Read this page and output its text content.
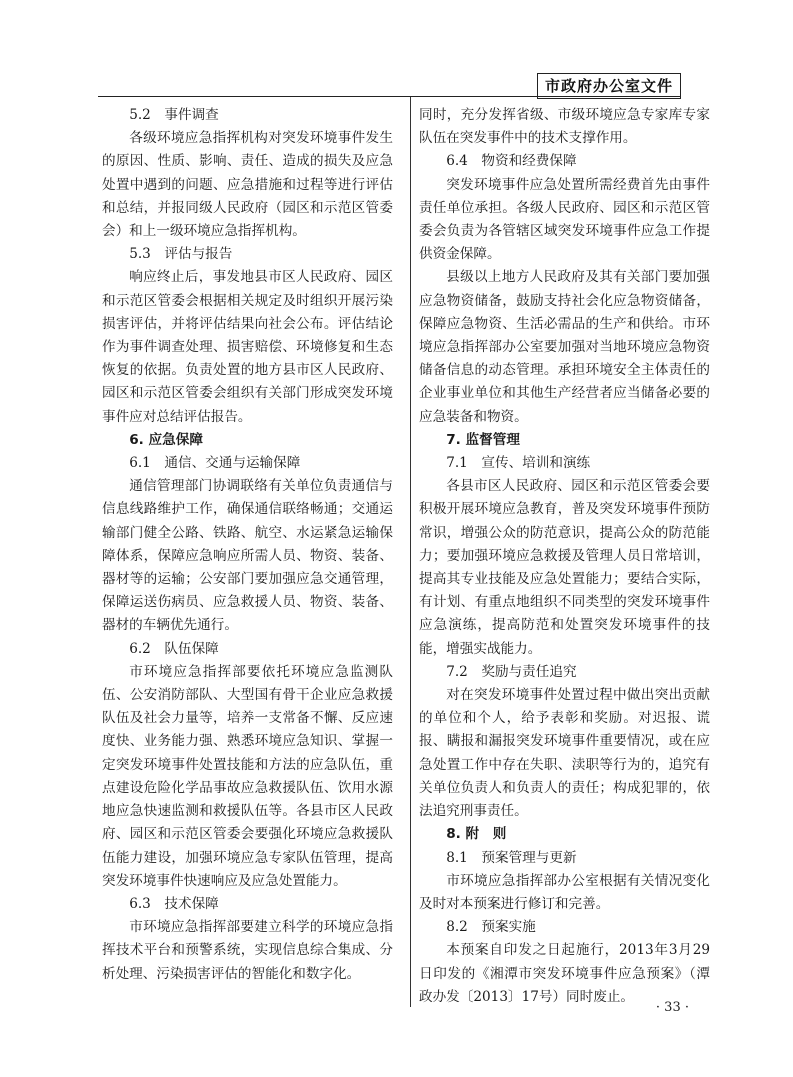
市政府办公室文件
5.2　事件调查

各级环境应急指挥机构对突发环境事件发生的原因、性质、影响、责任、造成的损失及应急处置中遇到的问题、应急措施和过程等进行评估和总结，并报同级人民政府（园区和示范区管委会）和上一级环境应急指挥机构。

5.3　评估与报告

响应终止后，事发地县市区人民政府、园区和示范区管委会根据相关规定及时组织开展污染损害评估，并将评估结果向社会公布。评估结论作为事件调查处理、损害赔偿、环境修复和生态恢复的依据。负责处置的地方县市区人民政府、园区和示范区管委会组织有关部门形成突发环境事件应对总结评估报告。

6. 应急保障
6.1　通信、交通与运输保障

通信管理部门协调联络有关单位负责通信与信息线路维护工作，确保通信联络畅通；交通运输部门健全公路、铁路、航空、水运紧急运输保障体系，保障应急响应所需人员、物资、装备、器材等的运输；公安部门要加强应急交通管理，保障运送伤病员、应急救援人员、物资、装备、器材的车辆优先通行。

6.2　队伍保障

市环境应急指挥部要依托环境应急监测队伍、公安消防部队、大型国有骨干企业应急救援队伍及社会力量等，培养一支常备不懈、反应速度快、业务能力强、熟悉环境应急知识、掌握一定突发环境事件处置技能和方法的应急队伍，重点建设危险化学品事故应急救援队伍、饮用水源地应急快速监测和救援队伍等。各县市区人民政府、园区和示范区管委会要强化环境应急救援队伍能力建设，加强环境应急专家队伍管理，提高突发环境事件快速响应及应急处置能力。

6.3　技术保障

市环境应急指挥部要建立科学的环境应急指挥技术平台和预警系统，实现信息综合集成、分析处理、污染损害评估的智能化和数字化。

同时，充分发挥省级、市级环境应急专家库专家队伍在突发事件中的技术支撑作用。

6.4　物资和经费保障

突发环境事件应急处置所需经费首先由事件责任单位承担。各级人民政府、园区和示范区管委会负责为各管辖区域突发环境事件应急工作提供资金保障。

县级以上地方人民政府及其有关部门要加强应急物资储备，鼓励支持社会化应急物资储备，保障应急物资、生活必需品的生产和供给。市环境应急指挥部办公室要加强对当地环境应急物资储备信息的动态管理。承担环境安全主体责任的企业事业单位和其他生产经营者应当储备必要的应急装备和物资。

7. 监督管理
7.1　宣传、培训和演练

各县市区人民政府、园区和示范区管委会要积极开展环境应急教育，普及突发环境事件预防常识，增强公众的防范意识，提高公众的防范能力；要加强环境应急救援及管理人员日常培训，提高其专业技能及应急处置能力；要结合实际，有计划、有重点地组织不同类型的突发环境事件应急演练，提高防范和处置突发环境事件的技能，增强实战能力。

7.2　奖励与责任追究

对在突发环境事件处置过程中做出突出贡献的单位和个人，给予表彰和奖励。对迟报、谎报、瞒报和漏报突发环境事件重要情况，或在应急处置工作中存在失职、渎职等行为的，追究有关单位负责人和负责人的责任；构成犯罪的，依法追究刑事责任。

8. 附　则
8.1　预案管理与更新

市环境应急指挥部办公室根据有关情况变化及时对本预案进行修订和完善。

8.2　预案实施

本预案自印发之日起施行，2013年3月29日印发的《湘潭市突发环境事件应急预案》（潭政办发〔2013〕17号）同时废止。

· 33 ·
